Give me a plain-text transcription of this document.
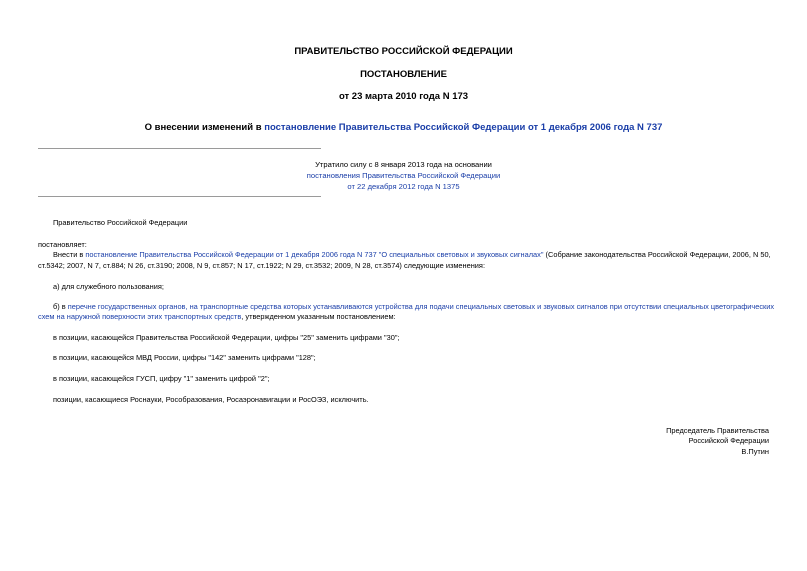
ПРАВИТЕЛЬСТВО РОССИЙСКОЙ ФЕДЕРАЦИИ
ПОСТАНОВЛЕНИЕ
от 23 марта 2010 года N 173
О внесении изменений в постановление Правительства Российской Федерации от 1 декабря 2006 года N 737
Утратило силу с 8 января 2013 года на основании
постановления Правительства Российской Федерации
от 22 декабря 2012 года N 1375
Правительство Российской Федерации
постановляет:
Внести в постановление Правительства Российской Федерации от 1 декабря 2006 года N 737 "О специальных световых и звуковых сигналах" (Собрание законодательства Российской Федерации, 2006, N 50,
ст.5342; 2007, N 7, ст.884; N 26, ст.3190; 2008, N 9, ст.857; N 17, ст.1922; N 29, ст.3532; 2009, N 28, ст.3574) следующие изменения:
а) для служебного пользования;
б) в перечне государственных органов, на транспортные средства которых устанавливаются устройства для подачи специальных световых и звуковых сигналов при отсутствии специальных цветографических
схем на наружной поверхности этих транспортных средств, утвержденном указанным постановлением:
в позиции, касающейся Правительства Российской Федерации, цифры "25" заменить цифрами "30";
в позиции, касающейся МВД России, цифры "142" заменить цифрами "128";
в позиции, касающейся ГУСП, цифру "1" заменить цифрой "2";
позиции, касающиеся Роснауки, Рособразования, Росаэронавигации и РосОЭЗ, исключить.
Председатель Правительства
Российской Федерации
В.Путин
